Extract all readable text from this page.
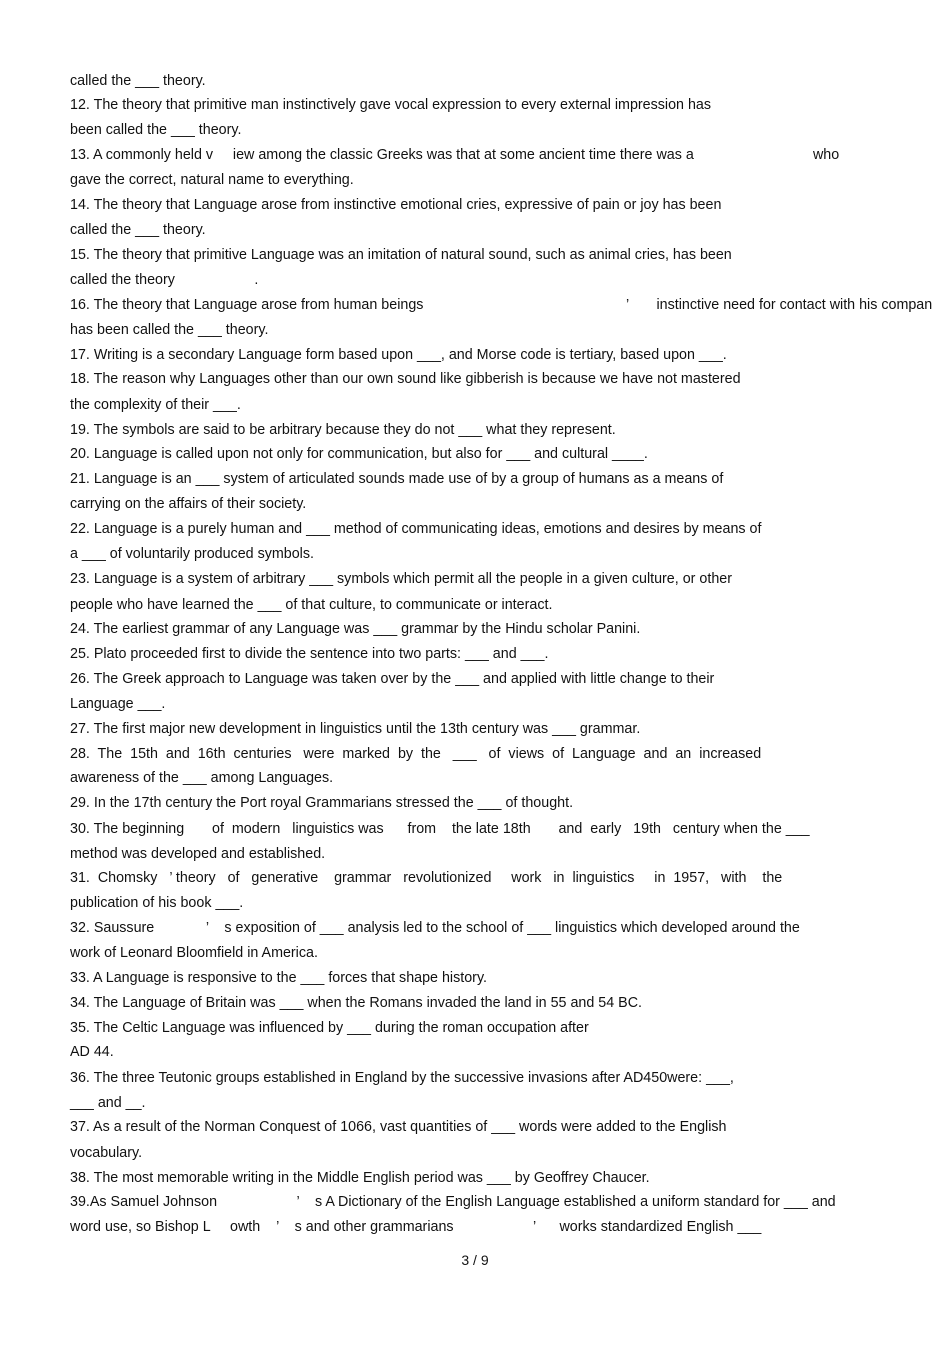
called the ___ theory.

12. The theory that primitive man instinctively gave vocal expression to every external impression has

been called the ___ theory.

13. A commonly held v     iew among the classic Greeks was that at some ancient time there was a                              who

gave the correct, natural name to everything.

14. The theory that Language arose from instinctive emotional cries, expressive of pain or joy has been

called the ___ theory.

15. The theory that primitive Language was an imitation of natural sound, such as animal cries, has been

called the theory                    .

16. The theory that Language arose from human beings                                                   ’       instinctive need for contact with his compan

has been called the ___ theory.

17. Writing is a secondary Language form based upon ___, and Morse code is tertiary, based upon ___.

18. The reason why Languages other than our own sound like gibberish is because we have not mastered

the complexity of their ___.

19. The symbols are said to be arbitrary because they do not ___ what they represent.

20. Language is called upon not only for communication, but also for ___ and cultural ____.

21. Language is an ___ system of articulated sounds made use of by a group of humans as a means of

carrying on the affairs of their society.

22. Language is a purely human and ___ method of communicating ideas, emotions and desires by means of

a ___ of voluntarily produced symbols.

23. Language is a system of arbitrary ___ symbols which permit all the people in a given culture, or other

people who have learned the ___ of that culture, to communicate or interact.

24. The earliest grammar of any Language was ___ grammar by the Hindu scholar Panini.

25. Plato proceeded first to divide the sentence into two parts: ___ and ___.

26. The Greek approach to Language was taken over by the ___ and applied with little change to their

Language ___.

27. The first major new development in linguistics until the 13th century was ___ grammar.

28.  The  15th  and  16th  centuries   were  marked  by  the   ___   of  views  of  Language  and  an  increased

awareness of the ___ among Languages.

29. In the 17th century the Port royal Grammarians stressed the ___ of thought.

30. The beginning       of  modern   linguistics was      from    the late 18th       and  early   19th   century when the ___

method was developed and established.

31.  Chomsky   ’ theory   of   generative    grammar   revolutionized     work   in  linguistics     in  1957,   with    the

publication of his book ___.

32. Saussure             ’    s exposition of ___ analysis led to the school of ___ linguistics which developed around the

work of Leonard Bloomfield in America.

33. A Language is responsive to the ___ forces that shape history.

34. The Language of Britain was ___ when the Romans invaded the land in 55 and 54 BC.

35. The Celtic Language was influenced by ___ during the roman occupation after

AD 44.

36. The three Teutonic groups established in England by the successive invasions after AD450were: ___,

___ and __.

37. As a result of the Norman Conquest of 1066, vast quantities of ___ words were added to the English

vocabulary.

38. The most memorable writing in the Middle English period was ___ by Geoffrey Chaucer.

39.As Samuel Johnson                    ’    s A Dictionary of the English Language established a uniform standard for ___ and

word use, so Bishop L     owth    ’    s and other grammarians                    ’      works standardized English ___

3 / 9
